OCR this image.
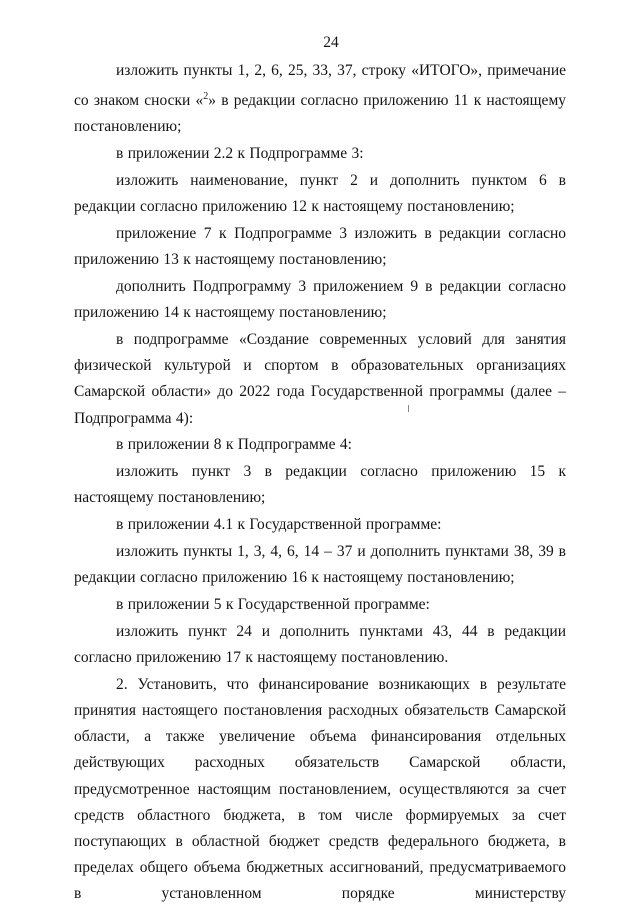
24

изложить пункты 1, 2, 6, 25, 33, 37, строку «ИТОГО», примечание со знаком сноски «$^2$» в редакции согласно приложению 11 к настоящему постановлению;

в приложении 2.2 к Подпрограмме 3:

изложить наименование, пункт 2 и дополнить пунктом 6 в редакции согласно приложению 12 к настоящему постановлению;

приложение 7 к Подпрограмме 3 изложить в редакции согласно приложению 13 к настоящему постановлению;

дополнить Подпрограмму 3 приложением 9 в редакции согласно приложению 14 к настоящему постановлению;

в подпрограмме «Создание современных условий для занятия физической культурой и спортом в образовательных организациях Самарской области» до 2022 года Государственной программы (далее – Подпрограмма 4):

в приложении 8 к Подпрограмме 4:

изложить пункт 3 в редакции согласно приложению 15 к настоящему постановлению;

в приложении 4.1 к Государственной программе:

изложить пункты 1, 3, 4, 6, 14 – 37 и дополнить пунктами 38, 39 в редакции согласно приложению 16 к настоящему постановлению;

в приложении 5 к Государственной программе:

изложить пункт 24 и дополнить пунктами 43, 44 в редакции согласно приложению 17 к настоящему постановлению.

2. Установить, что финансирование возникающих в результате принятия настоящего постановления расходных обязательств Самарской области, а также увеличение объема финансирования отдельных действующих расходных обязательств Самарской области, предусмотренное настоящим постановлением, осуществляются за счет средств областного бюджета, в том числе формируемых за счет поступающих в областной бюджет средств федерального бюджета, в пределах общего объема бюджетных ассигнований, предусматриваемого в установленном порядке министерству
